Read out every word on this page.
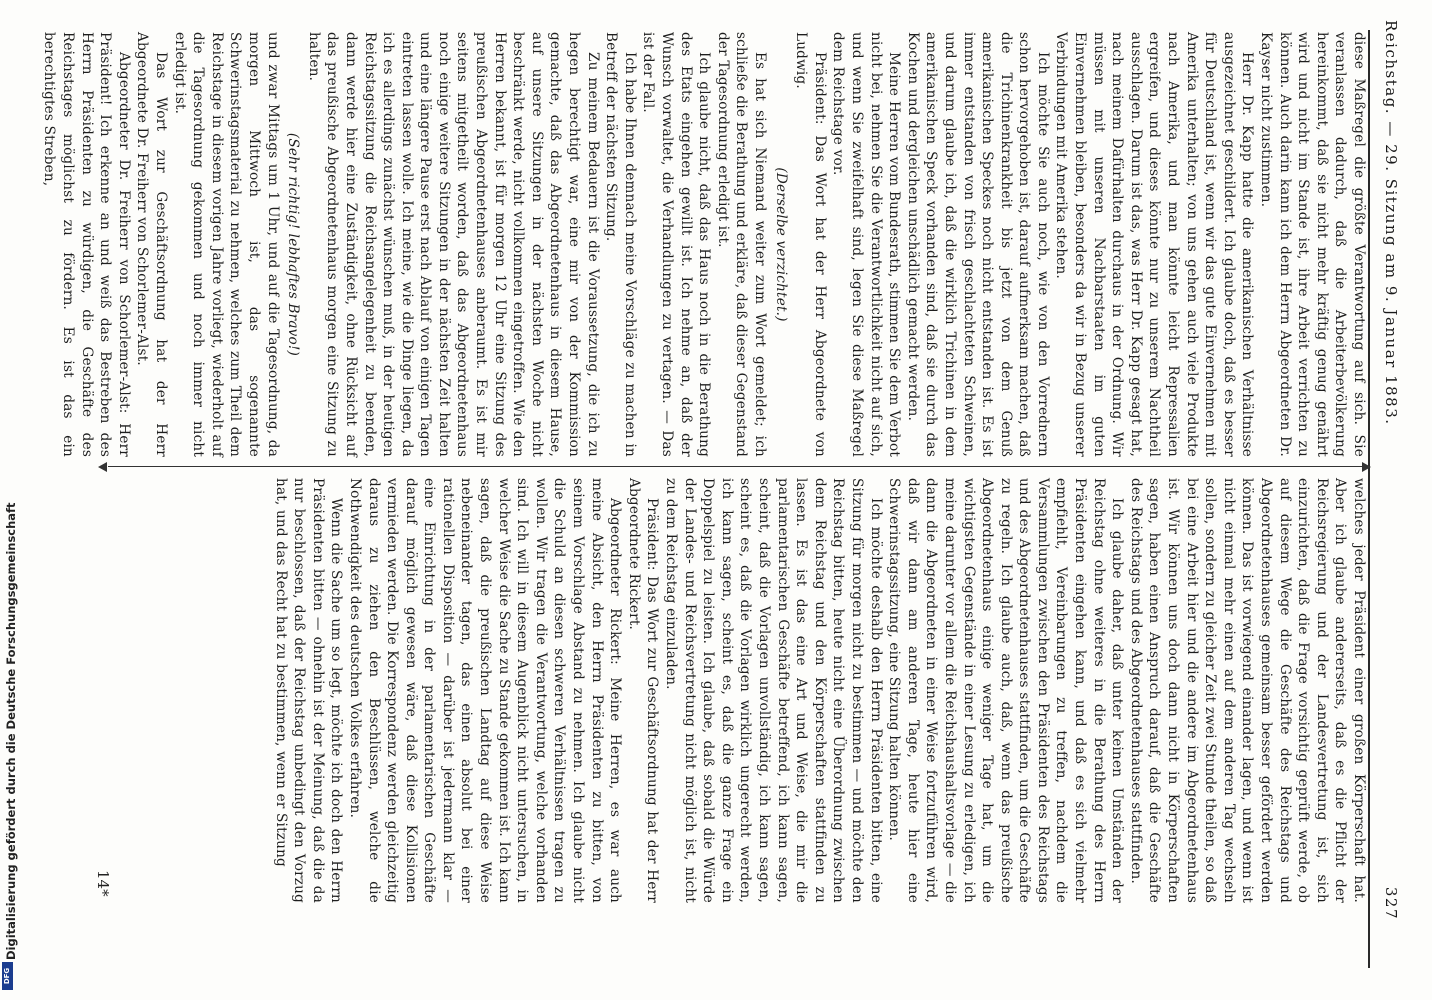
Reichstag. — 29. Sitzung am 9. Januar 1883.
327

diese Maßregel die größte Verantwortung auf sich. Sie veranlassen dadurch, daß die Arbeiterbevölkerung hereinkommt, daß sie nicht mehr kräftig genug genährt wird und nicht im Stande ist, ihre Arbeit verrichten zu können. Auch darin kann ich dem Herrn Abgeordneten Dr. Kayser nicht zustimmen.

Herr Dr. Kapp hatte die amerikanischen Verhältnisse ausgezeichnet geschildert. Ich glaube doch, daß es besser für Deutschland ist, wenn wir das gute Einvernehmen mit Amerika unterhalten; von uns gehen auch viele Produkte nach Amerika, und man könnte leicht Repressalien ergreifen, und dieses könnte nur zu unserem Nachtheil ausschlagen. Darum ist das, was Herr Dr. Kapp gesagt hat, nach meinem Dafürhalten durchaus in der Ordnung. Wir müssen mit unseren Nachbarstaaten im guten Einvernehmen bleiben, besonders da wir in Bezug unserer Verbindungen mit Amerika stehen.

Ich möchte Sie auch noch, wie von den Vorrednern schon hervorgehoben ist, darauf aufmerksam machen, daß die Trichinenkrankheit bis jetzt von dem Genuß amerikanischen Speckes noch nicht entstanden ist. Es ist immer entstanden von frisch geschlachteten Schweinen, und darum glaube ich, daß die wirklich Trichinen in dem amerikanischen Speck vorhanden sind, daß sie durch das Kochen und dergleichen unschädlich gemacht werden.

Meine Herren vom Bundesrath, stimmen Sie dem Verbot nicht bei, nehmen Sie die Verantwortlichkeit nicht auf sich, und wenn Sie zweifelhaft sind, legen Sie diese Maßregel dem Reichstage vor.

Präsident: Das Wort hat der Herr Abgeordnete von Ludwig.

(Derselbe verzichtet.)

Es hat sich Niemand weiter zum Wort gemeldet; ich schließe die Berathung und erkläre, daß dieser Gegenstand der Tagesordnung erledigt ist.

Ich glaube nicht, daß das Haus noch in die Berathung des Etats eingehen gewillt ist. Ich nehme an, daß der Wunsch vorwaltet, die Verhandlungen zu vertagen. — Das ist der Fall.

Ich habe Ihnen demnach meine Vorschläge zu machen in Betreff der nächsten Sitzung.

Zu meinem Bedauern ist die Voraussetzung, die ich zu hegen berechtigt war, eine mir von der Kommission gemachte, daß das Abgeordnetenhaus in diesem Hause, auf unsere Sitzungen in der nächsten Woche nicht beschränkt werde, nicht vollkommen eingetroffen. Wie den Herren bekannt, ist für morgen 12 Uhr eine Sitzung des preußischen Abgeordnetenhauses anberaumt. Es ist mir seitens mitgetheilt worden, daß das Abgeordnetenhaus noch einige weitere Sitzungen in der nächsten Zeit halten und eine längere Pause erst nach Ablauf von einigen Tagen eintreten lassen wolle. Ich meine, wie die Dinge liegen, da ich es allerdings zunächst wünschen muß, in der heutigen Reichstagssitzung die Reichsangelegenheit zu beenden, dann werde hier eine Zuständigkeit, ohne Rücksicht auf das preußische Abgeordnetenhaus morgen eine Sitzung zu halten.

(Sehr richtig! lebhaftes Bravo!)

und zwar Mittags um 1 Uhr, und auf die Tagesordnung, da morgen Mittwoch ist, das sogenannte Schwerinstagsmaterial zu nehmen, welches zum Theil dem Reichstage in diesem vorigen Jahre vorliegt, wiederholt auf die Tagesordnung gekommen und noch immer nicht erledigt ist.

Das Wort zur Geschäftsordnung hat der Herr Abgeordnete Dr. Freiherr von Schorlemer-Alst.

Abgeordneter Dr. Freiherr von Schorlemer-Alst: Herr Präsident! Ich erkenne an und weiß das Bestreben des Herrn Präsidenten zu würdigen, die Geschäfte des Reichstages möglichst zu fördern. Es ist das ein berechtigtes Streben,

welches jeder Präsident einer großen Körperschaft hat. Aber ich glaube andererseits, daß es die Pflicht der Reichsregierung und der Landesvertretung ist, sich einzurichten, daß die Frage vorsichtig geprüft werde, ob auf diesem Wege die Geschäfte des Reichstags und Abgeordnetenhauses gemeinsam besser gefördert werden können. Das ist vorwiegend einander lagen, und wenn ist nicht einmal mehr einen auf dem anderen Tag wechseln sollen, sondern zu gleicher Zeit zwei Stunde theilen, so daß bei eine Arbeit hier und die andere im Abgeordnetenhaus ist. Wir können uns doch dann nicht in Körperschaften sagen, haben einen Anspruch darauf, daß die Geschäfte des Reichstags und des Abgeordnetenhauses stattfinden.

Ich glaube daher, daß unter keinen Umständen der Reichstag ohne weiteres in die Berathung des Herrn Präsidenten eingehen kann, und daß es sich vielmehr empfiehlt, Vereinbarungen zu treffen, nachdem die Versammlungen zwischen den Präsidenten des Reichstags und des Abgeordnetenhauses stattfinden, um die Geschäfte zu regeln. Ich glaube auch, daß, wenn das preußische Abgeordnetenhaus einige weniger Tage hat, um die wichtigsten Gegenstände in einer Lesung zu erledigen, ich meine darunter vor allem die Reichshaushaltsvorlage — die dann die Abgeordneten in einer Weise fortzuführen wird, daß wir dann am anderen Tage, heute hier eine Schwerinstagssitzung, eine Sitzung halten können.

Ich möchte deshalb den Herrn Präsidenten bitten, eine Sitzung für morgen nicht zu bestimmen — und möchte den Reichstag bitten, heute nicht eine Überordnung zwischen dem Reichstag und den Körperschaften stattfinden zu lassen. Es ist das eine Art und Weise, die mir die parlamentarischen Geschäfte betreffend, ich kann sagen, scheint, daß die Vorlagen unvollständig, ich kann sagen, scheint es, daß die Vorlagen wirklich ungerecht werden, ich kann sagen, scheint es, daß die ganze Frage ein Doppelspiel zu leisten. Ich glaube, daß sobald die Würde der Landes- und Reichsvertretung nicht möglich ist, nicht zu dem Reichstag einzuladen.

Präsident: Das Wort zur Geschäftsordnung hat der Herr Abgeordnete Rickert.

Abgeordneter Rickert: Meine Herren, es war auch meine Absicht, den Herrn Präsidenten zu bitten, von seinem Vorschlage Abstand zu nehmen. Ich glaube nicht die Schuld an diesen schweren Verhältnissen tragen zu wollen. Wir tragen die Verantwortung, welche vorhanden sind. Ich will in diesem Augenblick nicht untersuchen, in welcher Weise die Sache zu Stande gekommen ist. Ich kann sagen, daß die preußischen Landtag auf diese Weise nebeneinander tagen, das einen absolut bei einer rationellen Disposition — darüber ist jedermann klar — eine Einrichtung in der parlamentarischen Geschäfte darauf möglich gewesen wäre, daß diese Kollisionen vermieden werden. Die Korrespondenz werden gleichzeitig daraus zu ziehen den Beschlüssen, welche die Nothwendigkeit des deutschen Volkes erfahren.

Wenn die Sache um so legt, möchte ich doch den Herrn Präsidenten bitten — ohnehin ist der Meinung, daß die da nur beschlossen, daß der Reichstag unbedingt den Vorzug hat, und das Recht hat zu bestimmen, wenn er Sitzung

14*
Digitalisierung gefördert durch die Deutsche Forschungsgemeinschaft
DFG
